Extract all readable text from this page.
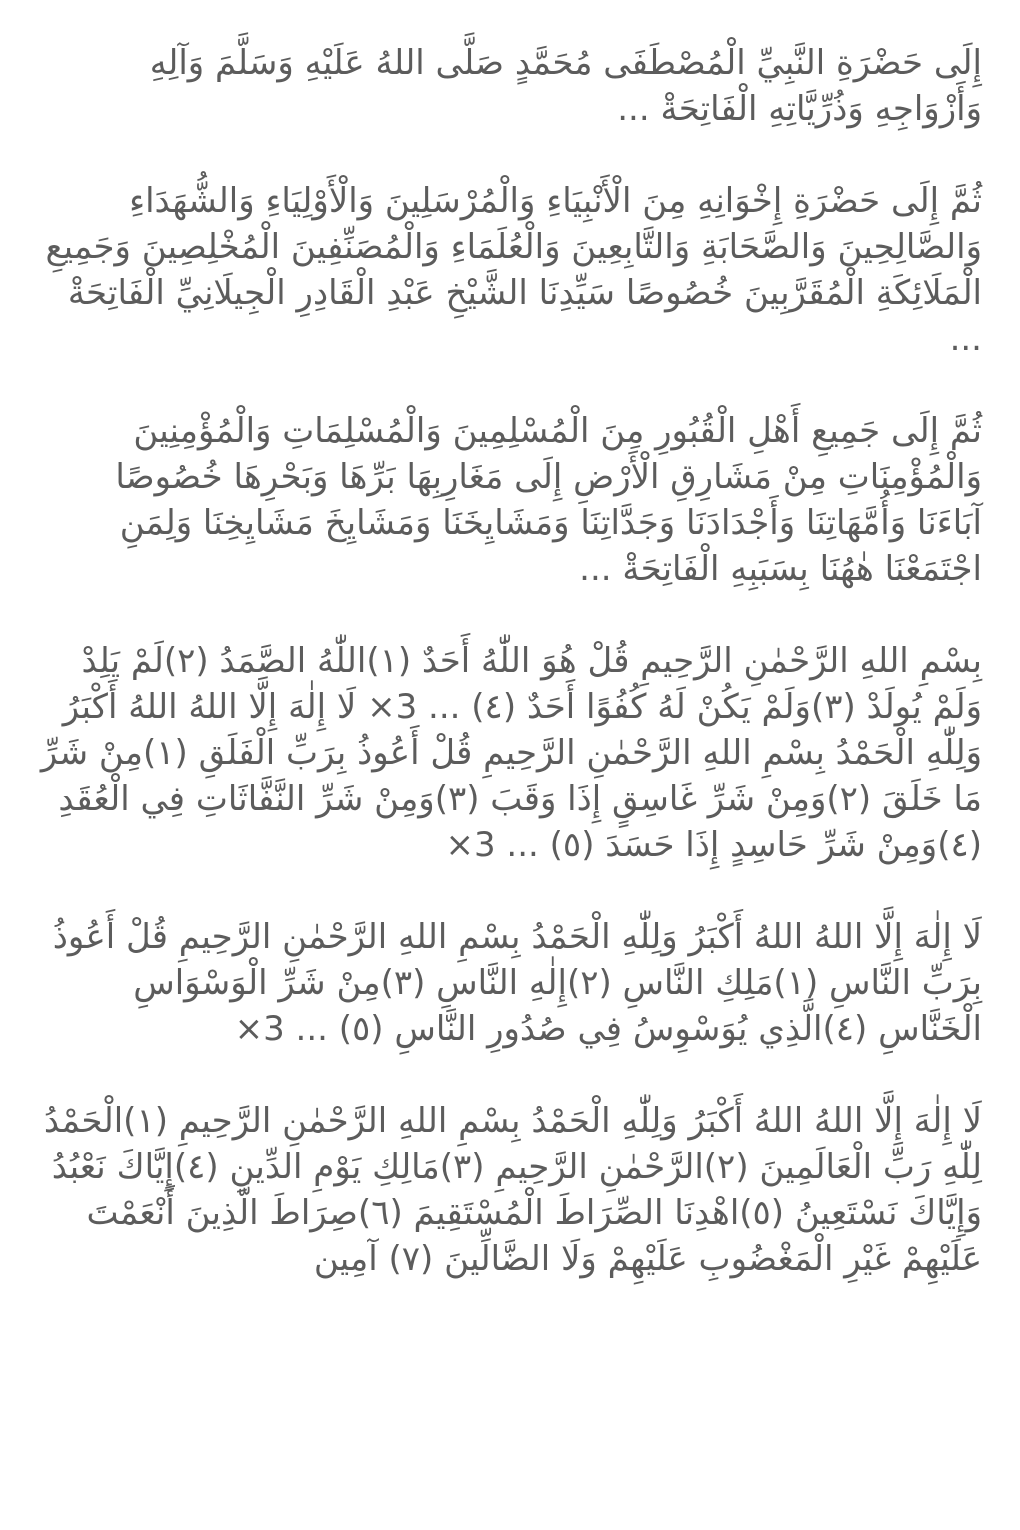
إِلَى حَضْرَةِ النَّبِيِّ الْمُصْطَفَى مُحَمَّدٍ صَلَّى اللهُ عَلَيْهِ وَسَلَّمَ وَآلِهِ وَأَزْوَاجِهِ وَذُرِّيَّاتِهِ الْفَاتِحَةْ ...

ثُمَّ إِلَى حَضْرَةِ إِخْوَانِهِ مِنَ الْأَنْبِيَاءِ وَالْمُرْسَلِينَ وَالْأَوْلِيَاءِ وَالشُّهَدَاءِ وَالصَّالِحِينَ وَالصَّحَابَةِ وَالتَّابِعِينَ وَالْعُلَمَاءِ وَالْمُصَنِّفِينَ الْمُخْلِصِينَ وَجَمِيعِ الْمَلَائِكَةِ الْمُقَرَّبِينَ خُصُوصًا سَيِّدِنَا الشَّيْخِ عَبْدِ الْقَادِرِ الْجِيلَانِيِّ الْفَاتِحَةْ ...

ثُمَّ إِلَى جَمِيعِ أَهْلِ الْقُبُورِ مِنَ الْمُسْلِمِينَ وَالْمُسْلِمَاتِ وَالْمُؤْمِنِينَ وَالْمُؤْمِنَاتِ مِنْ مَشَارِقِ الْأَرْضِ إِلَى مَغَارِبِهَا بَرِّهَا وَبَحْرِهَا خُصُوصًا آبَاءَنَا وَأُمَّهَاتِنَا وَأَجْدَادَنَا وَجَدَّاتِنَا وَمَشَايِخَنَا وَمَشَايِخَ مَشَايِخِنَا وَلِمَنِ اجْتَمَعْنَا هٰهُنَا بِسَبَبِهِ الْفَاتِحَةْ ...

بِسْمِ اللهِ الرَّحْمٰنِ الرَّحِيمِ قُلْ هُوَ اللّٰهُ أَحَدٌ (١)اللّٰهُ الصَّمَدُ (٢)لَمْ يَلِدْ وَلَمْ يُولَدْ (٣)وَلَمْ يَكُنْ لَهُ كُفُوًا أَحَدٌ (٤) ... 3× لَا إِلٰهَ إِلَّا اللهُ اللهُ أَكْبَرُ وَلِلّٰهِ الْحَمْدُ بِسْمِ اللهِ الرَّحْمٰنِ الرَّحِيمِ قُلْ أَعُوذُ بِرَبِّ الْفَلَقِ (١)مِنْ شَرِّ مَا خَلَقَ (٢)وَمِنْ شَرِّ غَاسِقٍ إِذَا وَقَبَ (٣)وَمِنْ شَرِّ النَّفَّاثَاتِ فِي الْعُقَدِ (٤)وَمِنْ شَرِّ حَاسِدٍ إِذَا حَسَدَ (٥) ... 3×

لَا إِلٰهَ إِلَّا اللهُ اللهُ أَكْبَرُ وَلِلّٰهِ الْحَمْدُ بِسْمِ اللهِ الرَّحْمٰنِ الرَّحِيمِ قُلْ أَعُوذُ بِرَبِّ النَّاسِ (١)مَلِكِ النَّاسِ (٢)إِلٰهِ النَّاسِ (٣)مِنْ شَرِّ الْوَسْوَاسِ الْخَنَّاسِ (٤)الَّذِي يُوَسْوِسُ فِي صُدُورِ النَّاسِ (٥) ... 3×

لَا إِلٰهَ إِلَّا اللهُ اللهُ أَكْبَرُ وَلِلّٰهِ الْحَمْدُ بِسْمِ اللهِ الرَّحْمٰنِ الرَّحِيمِ (١)الْحَمْدُ لِلّٰهِ رَبِّ الْعَالَمِينَ (٢)الرَّحْمٰنِ الرَّحِيمِ (٣)مَالِكِ يَوْمِ الدِّينِ (٤)إِيَّاكَ نَعْبُدُ وَإِيَّاكَ نَسْتَعِينُ (٥)اهْدِنَا الصِّرَاطَ الْمُسْتَقِيمَ (٦)صِرَاطَ الَّذِينَ أَنْعَمْتَ عَلَيْهِمْ غَيْرِ الْمَغْضُوبِ عَلَيْهِمْ وَلَا الضَّالِّينَ (٧) آمِين
